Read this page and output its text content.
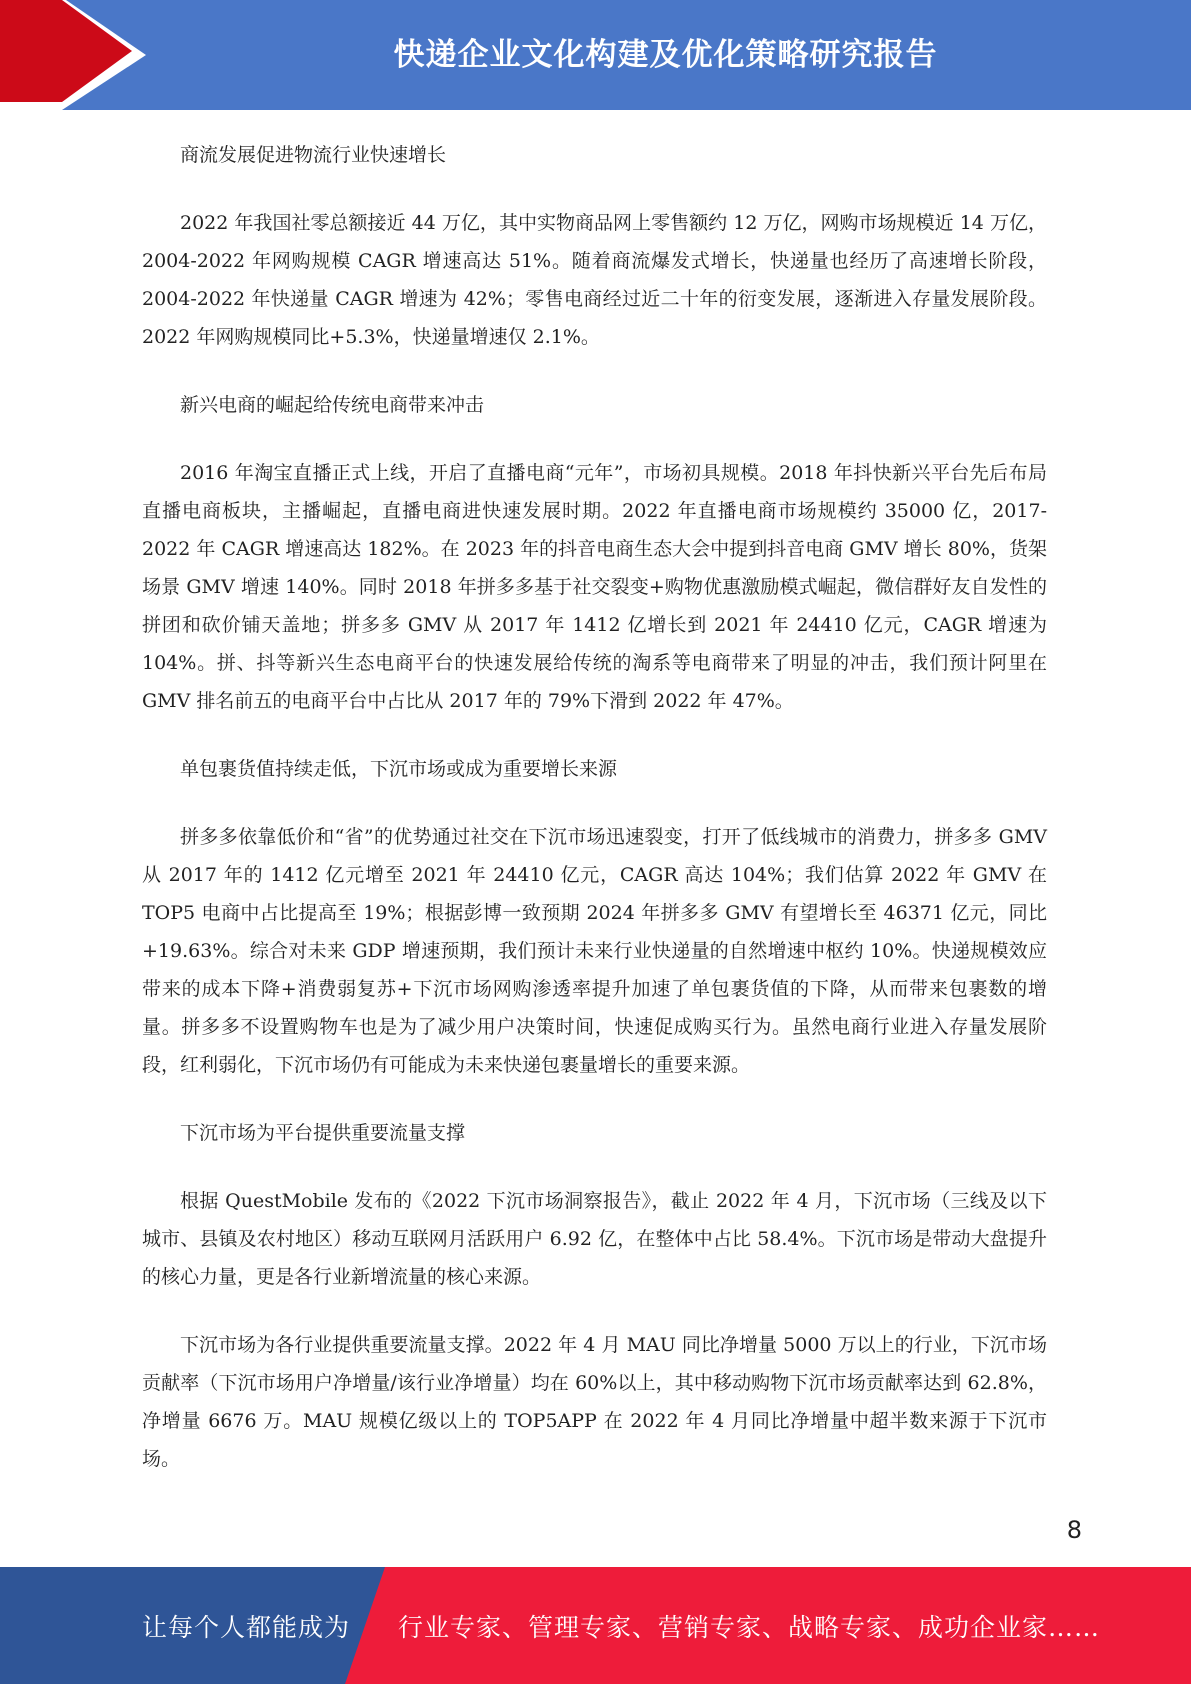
快递企业文化构建及优化策略研究报告

商流发展促进物流行业快速增长

2022 年我国社零总额接近 44 万亿，其中实物商品网上零售额约 12 万亿，网购市场规模近 14 万亿，2004-2022 年网购规模 CAGR 增速高达 51%。随着商流爆发式增长，快递量也经历了高速增长阶段，2004-2022 年快递量 CAGR 增速为 42%；零售电商经过近二十年的衍变发展，逐渐进入存量发展阶段。2022 年网购规模同比+5.3%，快递量增速仅 2.1%。

新兴电商的崛起给传统电商带来冲击

2016 年淘宝直播正式上线，开启了直播电商“元年”，市场初具规模。2018 年抖快新兴平台先后布局直播电商板块，主播崛起，直播电商进快速发展时期。2022 年直播电商市场规模约 35000 亿，2017-2022 年 CAGR 增速高达 182%。在 2023 年的抖音电商生态大会中提到抖音电商 GMV 增长 80%，货架场景 GMV 增速 140%。同时 2018 年拼多多基于社交裂变+购物优惠激励模式崛起，微信群好友自发性的拼团和砍价铺天盖地；拼多多 GMV 从 2017 年 1412 亿增长到 2021 年 24410 亿元，CAGR 增速为 104%。拼、抖等新兴生态电商平台的快速发展给传统的淘系等电商带来了明显的冲击，我们预计阿里在 GMV 排名前五的电商平台中占比从 2017 年的 79%下滑到 2022 年 47%。

单包裹货值持续走低，下沉市场或成为重要增长来源

拼多多依靠低价和“省”的优势通过社交在下沉市场迅速裂变，打开了低线城市的消费力，拼多多 GMV 从 2017 年的 1412 亿元增至 2021 年 24410 亿元，CAGR 高达 104%；我们估算 2022 年 GMV 在 TOP5 电商中占比提高至 19%；根据彭博一致预期 2024 年拼多多 GMV 有望增长至 46371 亿元，同比+19.63%。综合对未来 GDP 增速预期，我们预计未来行业快递量的自然增速中枢约 10%。快递规模效应带来的成本下降+消费弱复苏+下沉市场网购渗透率提升加速了单包裹货值的下降，从而带来包裹数的增量。拼多多不设置购物车也是为了减少用户决策时间，快速促成购买行为。虽然电商行业进入存量发展阶段，红利弱化，下沉市场仍有可能成为未来快递包裹量增长的重要来源。

下沉市场为平台提供重要流量支撑

根据 QuestMobile 发布的《2022 下沉市场洞察报告》，截止 2022 年 4 月，下沉市场（三线及以下城市、县镇及农村地区）移动互联网月活跃用户 6.92 亿，在整体中占比 58.4%。下沉市场是带动大盘提升的核心力量，更是各行业新增流量的核心来源。

下沉市场为各行业提供重要流量支撑。2022 年 4 月 MAU 同比净增量 5000 万以上的行业，下沉市场贡献率（下沉市场用户净增量/该行业净增量）均在 60%以上，其中移动购物下沉市场贡献率达到 62.8%，净增量 6676 万。MAU 规模亿级以上的 TOP5APP 在 2022 年 4 月同比净增量中超半数来源于下沉市场。

8
让每个人都能成为 行业专家、管理专家、营销专家、战略专家、成功企业家……
